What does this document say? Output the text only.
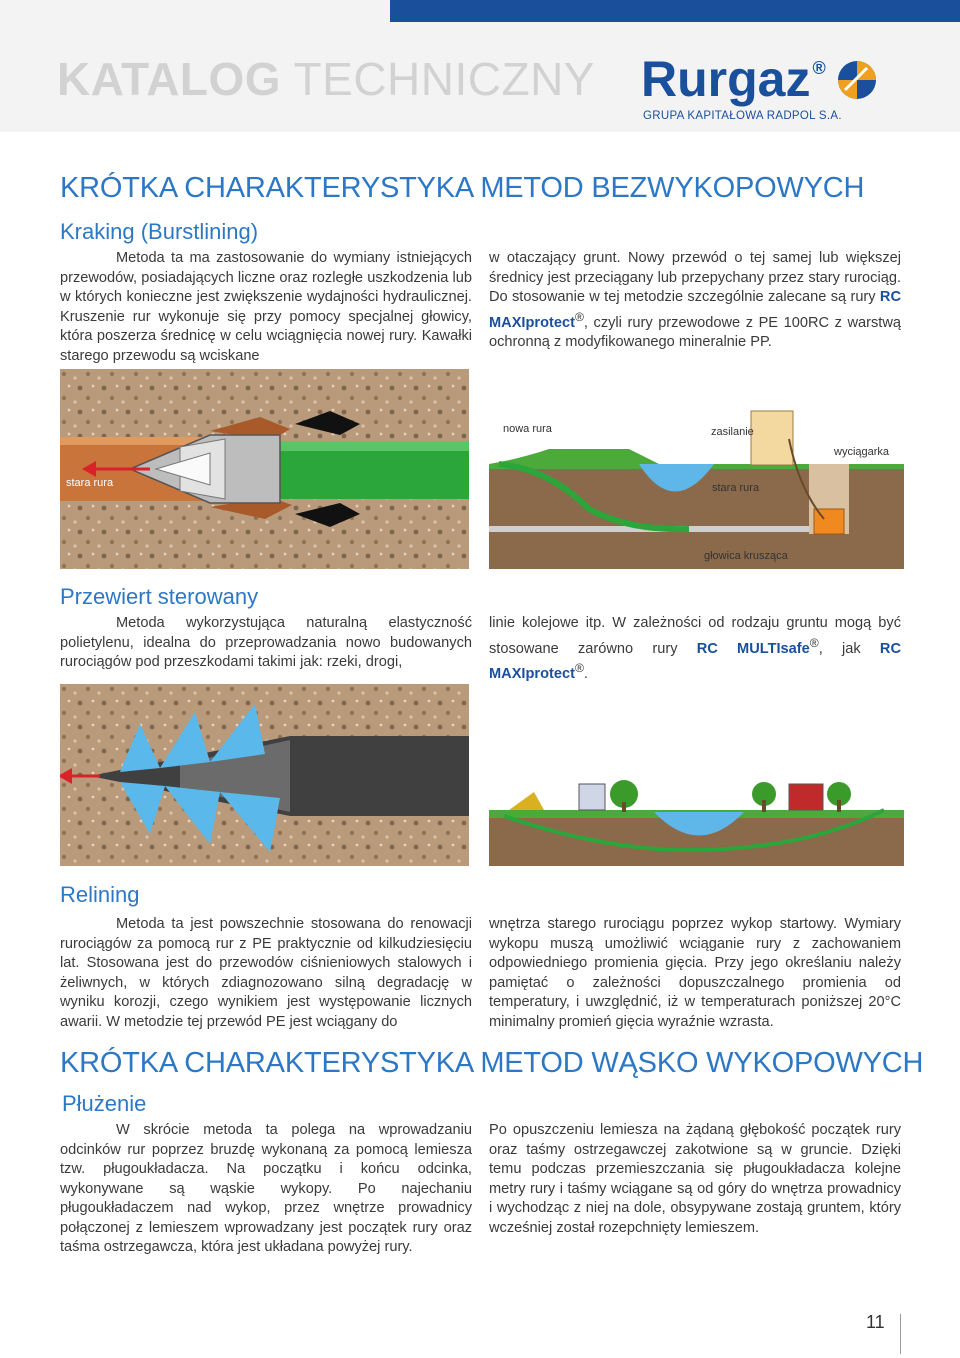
KATALOG TECHNICZNY Rurgaz ®
GRUPA KAPITAŁOWA RADPOL S.A.
KRÓTKA CHARAKTERYSTYKA METOD BEZWYKOPOWYCH
Kraking (Burstlining)
Metoda ta ma zastosowanie do wymiany istniejących przewodów, posiadających liczne oraz rozległe uszkodzenia lub w których konieczne jest zwiększenie wydajności hydraulicznej. Kruszenie rur wykonuje się przy pomocy specjalnej głowicy, która poszerza średnicę w celu wciągnięcia nowej rury. Kawałki starego przewodu są wciskane
w otaczający grunt. Nowy przewód o tej samej lub większej średnicy jest przeciągany lub przepychany przez stary rurociąg. Do stosowanie w tej metodzie szczególnie zalecane są rury RC MAXIprotect®, czyli rury przewodowe z PE 100RC z warstwą ochronną z modyfikowanego mineralnie PP.
stara rura
nowa rura	zasilanie
wyciągarka
stara rura
głowica krusząca
Przewiert sterowany
Metoda wykorzystująca naturalną elastyczność polietylenu, idealna do przeprowadzania nowo budowanych rurociągów pod przeszkodami takimi jak: rzeki, drogi,
linie kolejowe itp. W zależności od rodzaju gruntu mogą być stosowane zarówno rury RC MULTIsafe®, jak RC MAXIprotect®.
Relining
Metoda ta jest powszechnie stosowana do renowacji rurociągów za pomocą rur z PE praktycznie od kilkudziesięciu lat. Stosowana jest do przewodów ciśnieniowych stalowych i żeliwnych, w których zdiagnozowano silną degradację w wyniku korozji, czego wynikiem jest występowanie licznych awarii. W metodzie tej przewód PE jest wciągany do
wnętrza starego rurociągu poprzez wykop startowy. Wymiary wykopu muszą umożliwić wciąganie rury z zachowaniem odpowiedniego promienia gięcia. Przy jego określaniu należy pamiętać o zależności dopuszczalnego promienia od temperatury, i uwzględnić, iż w temperaturach poniższej 20°C minimalny promień gięcia wyraźnie wzrasta.
KRÓTKA CHARAKTERYSTYKA METOD WĄSKO WYKOPOWYCH
Płużenie
W skrócie metoda ta polega na wprowadzaniu odcinków rur poprzez bruzdę wykonaną za pomocą lemiesza tzw. pługoukładacza. Na początku i końcu odcinka, wykonywane są wąskie wykopy. Po najechaniu pługoukładaczem nad wykop, przez wnętrze prowadnicy połączonej z lemieszem wprowadzany jest początek rury oraz taśma ostrzegawcza, która jest układana powyżej rury.
Po opuszczeniu lemiesza na żądaną głębokość początek rury oraz taśmy ostrzegawczej zakotwione są w gruncie. Dzięki temu podczas przemieszczania się pługoukładacza kolejne metry rury i taśmy wciągane są od góry do wnętrza prowadnicy i wychodząc z niej na dole, obsypywane zostają gruntem, który wcześniej został rozepchnięty lemieszem.
11
